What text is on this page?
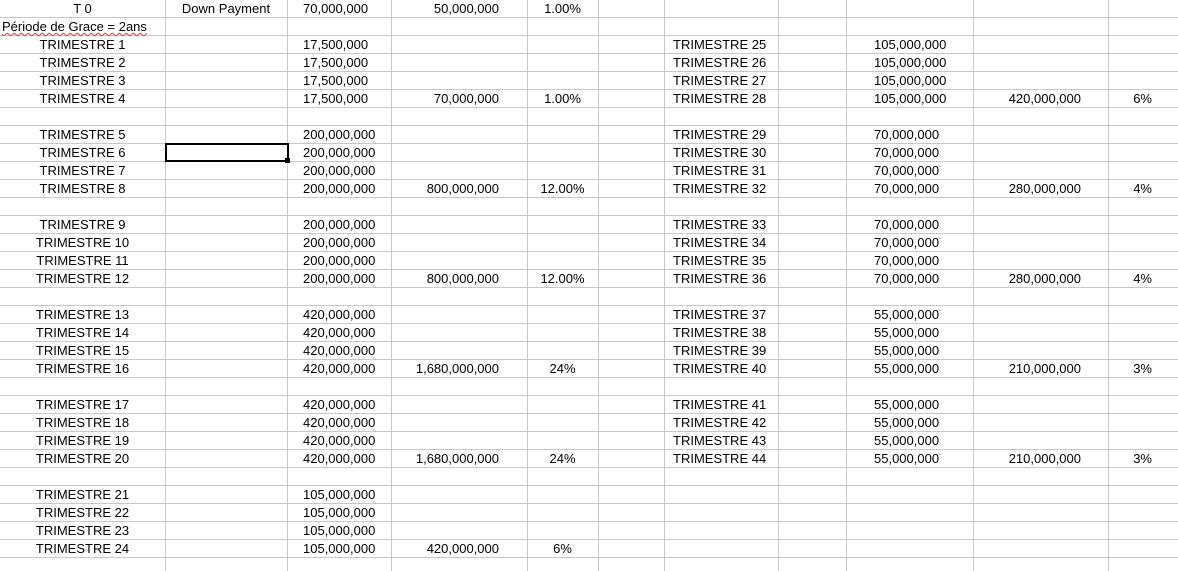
T 0	Down Payment	70,000,000	50,000,000	1.00%
Période de Grace = 2ans
TRIMESTRE 1	17,500,000	TRIMESTRE 25	105,000,000
TRIMESTRE 2	17,500,000	TRIMESTRE 26	105,000,000
TRIMESTRE 3	17,500,000	TRIMESTRE 27	105,000,000
TRIMESTRE 4	17,500,000	70,000,000	1.00%	TRIMESTRE 28	105,000,000	420,000,000	6%
TRIMESTRE 5	200,000,000	TRIMESTRE 29	70,000,000
TRIMESTRE 6	200,000,000	TRIMESTRE 30	70,000,000
TRIMESTRE 7	200,000,000	TRIMESTRE 31	70,000,000
TRIMESTRE 8	200,000,000	800,000,000	12.00%	TRIMESTRE 32	70,000,000	280,000,000	4%
TRIMESTRE 9	200,000,000	TRIMESTRE 33	70,000,000
TRIMESTRE 10	200,000,000	TRIMESTRE 34	70,000,000
TRIMESTRE 11	200,000,000	TRIMESTRE 35	70,000,000
TRIMESTRE 12	200,000,000	800,000,000	12.00%	TRIMESTRE 36	70,000,000	280,000,000	4%
TRIMESTRE 13	420,000,000	TRIMESTRE 37	55,000,000
TRIMESTRE 14	420,000,000	TRIMESTRE 38	55,000,000
TRIMESTRE 15	420,000,000	TRIMESTRE 39	55,000,000
TRIMESTRE 16	420,000,000	1,680,000,000	24%	TRIMESTRE 40	55,000,000	210,000,000	3%
TRIMESTRE 17	420,000,000	TRIMESTRE 41	55,000,000
TRIMESTRE 18	420,000,000	TRIMESTRE 42	55,000,000
TRIMESTRE 19	420,000,000	TRIMESTRE 43	55,000,000
TRIMESTRE 20	420,000,000	1,680,000,000	24%	TRIMESTRE 44	55,000,000	210,000,000	3%
TRIMESTRE 21	105,000,000
TRIMESTRE 22	105,000,000
TRIMESTRE 23	105,000,000
TRIMESTRE 24	105,000,000	420,000,000	6%
